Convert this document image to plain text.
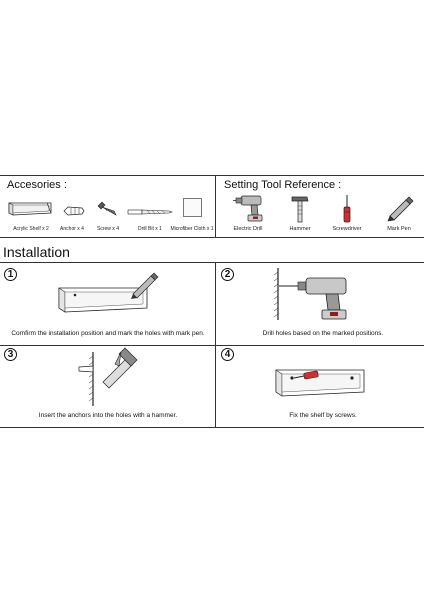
Accesories :
Acrylic Shelf x 2 Anchor x 4	Screw x 4	Drill Bit x 1 Microfiber Cloth x 1
Setting Tool Reference :
Electric Drill	Hammer	Screwdriver	Mark Pen
Installation
1
Comfirm the installation position and mark the holes with mark pen.
2
Drill holes based on the marked positions.
3
Insert the anchors into the holes with a hammer.
4
Fix the shelf by screws.
